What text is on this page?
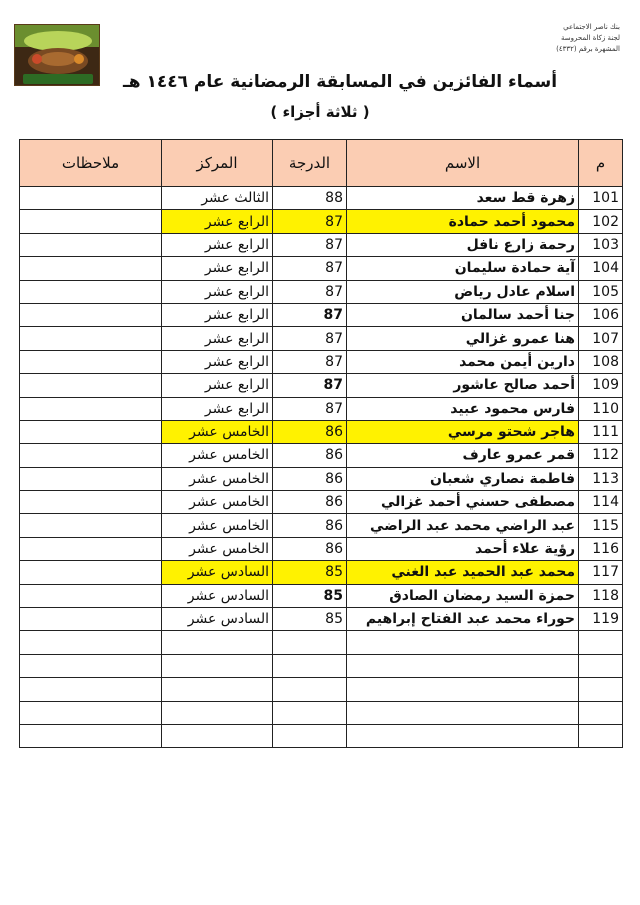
بنك ناصر الاجتماعي
لجنة زكاة المحروسة
المشهرة برقم (٤٣٣٢)
أسماء الفائزين في المسابقة الرمضانية عام ١٤٤٦ هـ
( ثلاثة أجزاء )
م	الاسم	الدرجة	المركز	ملاحظات
101	زهرة قط سعد	88	الثالث عشر	
102	محمود أحمد حمادة	87	الرابع عشر	
103	رحمة زارع نافل	87	الرابع عشر	
104	آية حمادة سليمان	87	الرابع عشر	
105	اسلام عادل رياض	87	الرابع عشر	
106	جنا أحمد سالمان	87	الرابع عشر	
107	هنا عمرو غزالي	87	الرابع عشر	
108	دارين أيمن محمد	87	الرابع عشر	
109	أحمد صالح عاشور	87	الرابع عشر	
110	فارس محمود عبيد	87	الرابع عشر	
111	هاجر شحتو مرسي	86	الخامس عشر	
112	قمر عمرو عارف	86	الخامس عشر	
113	فاطمة نصاري شعبان	86	الخامس عشر	
114	مصطفى حسني أحمد غزالي	86	الخامس عشر	
115	عبد الراضي محمد عبد الراضي	86	الخامس عشر	
116	رؤية علاء أحمد	86	الخامس عشر	
117	محمد عبد الحميد عبد الغني	85	السادس عشر	
118	حمزة السيد رمضان الصادق	85	السادس عشر	
119	حوراء محمد عبد الفتاح إبراهيم	85	السادس عشر	
